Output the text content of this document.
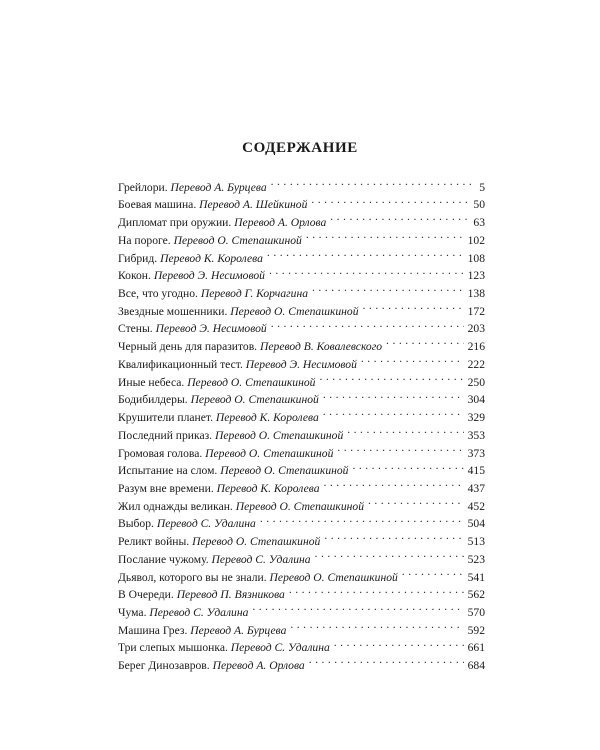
СОДЕРЖАНИЕ
Грейлори. Перевод А. Бурцева . . .	5
Боевая машина. Перевод А. Шейкиной . . .	50
Дипломат при оружии. Перевод А. Орлова . . .	63
На пороге. Перевод О. Степашкиной . . .	102
Гибрид. Перевод К. Королева . . .	108
Кокон. Перевод Э. Несимовой . . .	123
Все, что угодно. Перевод Г. Корчагина . . .	138
Звездные мошенники. Перевод О. Степашкиной . . .	172
Стены. Перевод Э. Несимовой . . .	203
Черный день для паразитов. Перевод В. Ковалевского . . .	216
Квалификационный тест. Перевод Э. Несимовой . . .	222
Иные небеса. Перевод О. Степашкиной . . .	250
Бодибилдеры. Перевод О. Степашкиной . . .	304
Крушители планет. Перевод К. Королева . . .	329
Последний приказ. Перевод О. Степашкиной . . .	353
Громовая голова. Перевод О. Степашкиной . . .	373
Испытание на слом. Перевод О. Степашкиной . . .	415
Разум вне времени. Перевод К. Королева . . .	437
Жил однажды великан. Перевод О. Степашкиной . . .	452
Выбор. Перевод С. Удалина . . .	504
Реликт войны. Перевод О. Степашкиной . . .	513
Послание чужому. Перевод С. Удалина . . .	523
Дьявол, которого вы не знали. Перевод О. Степашкиной . . .	541
В Очереди. Перевод П. Вязникова . . .	562
Чума. Перевод С. Удалина . . .	570
Машина Грез. Перевод А. Бурцева . . .	592
Три слепых мышонка. Перевод С. Удалина . . .	661
Берег Динозавров. Перевод А. Орлова . . .	684
